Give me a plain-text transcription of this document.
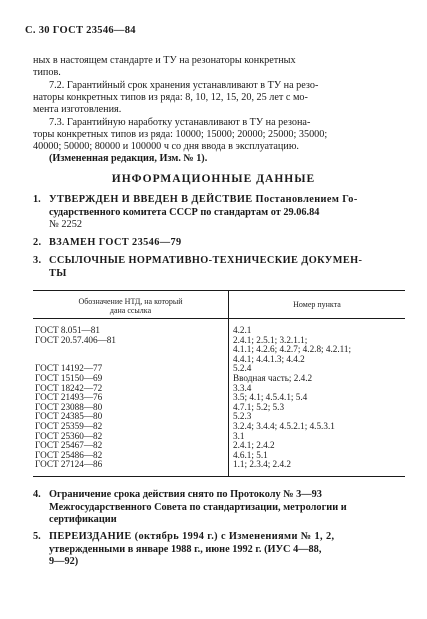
С. 30 ГОСТ 23546—84
ных в настоящем стандарте и ТУ на резонаторы конкретных
типов.
7.2. Гарантийный срок хранения устанавливают в ТУ на резо-
наторы конкретных типов из ряда: 8, 10, 12, 15, 20, 25 лет с мо-
мента изготовления.
7.3. Гарантийную наработку устанавливают в ТУ на резона-
торы конкретных типов из ряда: 10000; 15000; 20000; 25000; 35000;
40000; 50000; 80000 и 100000 ч со дня ввода в эксплуатацию.
(Измененная редакция, Изм. № 1).
ИНФОРМАЦИОННЫЕ ДАННЫЕ
1. УТВЕРЖДЕН И ВВЕДЕН В ДЕЙСТВИЕ Постановлением Го-
сударственного комитета СССР по стандартам от 29.06.84
№ 2252
2. ВЗАМЕН ГОСТ 23546—79
3. ССЫЛОЧНЫЕ НОРМАТИВНО-ТЕХНИЧЕСКИЕ ДОКУМЕН-
ТЫ
Обозначение НТД, на который
дана ссылка
Номер пункта
ГОСТ 8.051—81	4.2.1
ГОСТ 20.57.406—81	2.4.1; 2.5.1; 3.2.1.1;
4.1.1; 4.2.6; 4.2.7; 4.2.8; 4.2.11;
4.4.1; 4.4.1.3; 4.4.2
ГОСТ 14192—77	5.2.4
ГОСТ 15150—69	Вводная часть; 2.4.2
ГОСТ 18242—72	3.3.4
ГОСТ 21493—76	3.5; 4.1; 4.5.4.1; 5.4
ГОСТ 23088—80	4.7.1; 5.2; 5.3
ГОСТ 24385—80	5.2.3
ГОСТ 25359—82	3.2.4; 3.4.4; 4.5.2.1; 4.5.3.1
ГОСТ 25360—82	3.1
ГОСТ 25467—82	2.4.1; 2.4.2
ГОСТ 25486—82	4.6.1; 5.1
ГОСТ 27124—86	1.1; 2.3.4; 2.4.2
4. Ограничение срока действия снято по Протоколу № 3—93
Межгосударственного Совета по стандартизации, метрологии и
сертификации
5. ПЕРЕИЗДАНИЕ (октябрь 1994 г.) с Изменениями № 1, 2,
утвержденными в январе 1988 г., июне 1992 г. (ИУС 4—88,
9—92)
